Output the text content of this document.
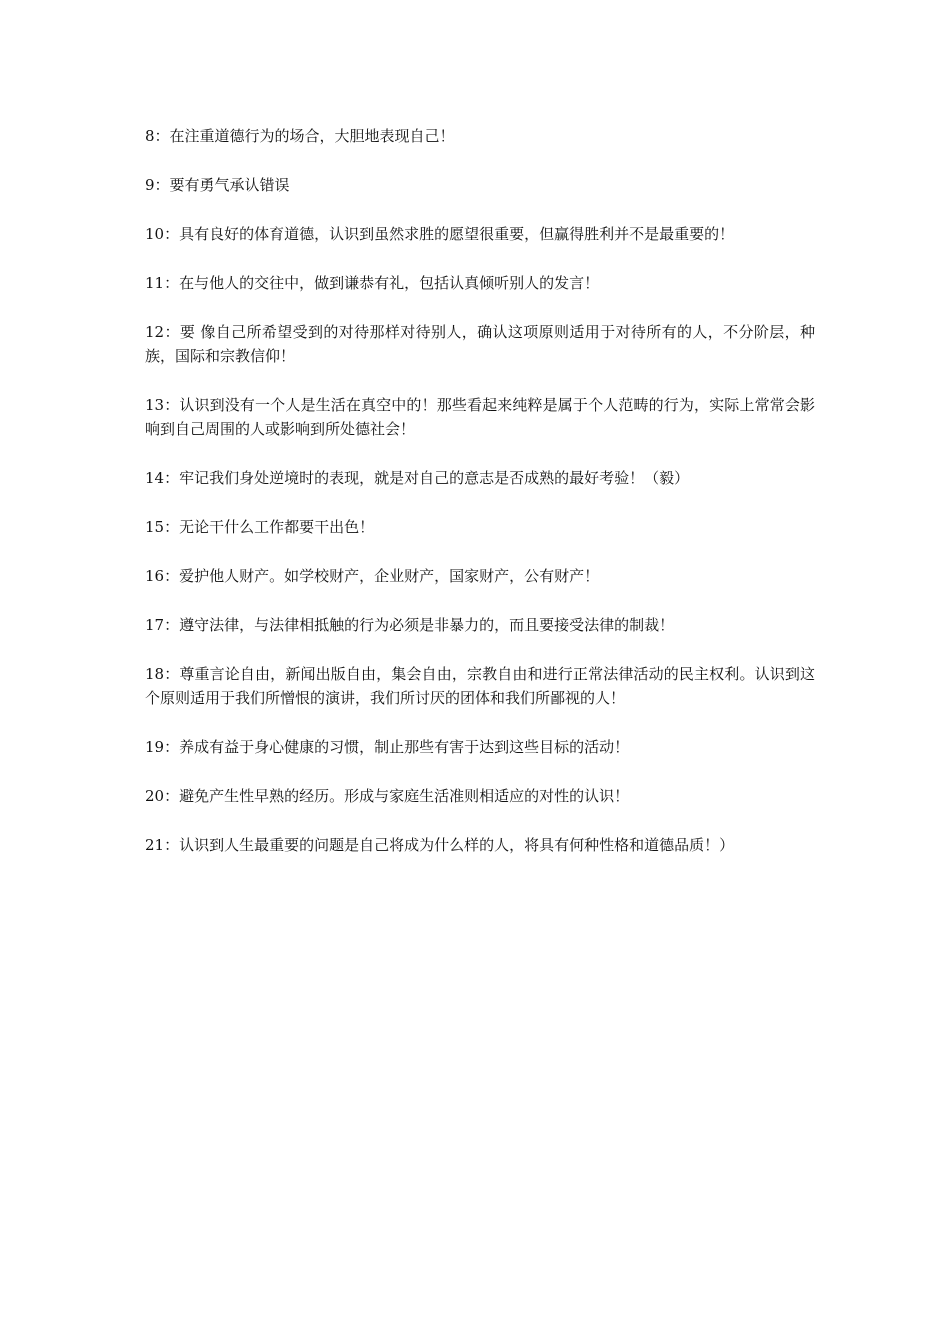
8：在注重道德行为的场合，大胆地表现自己！

9：要有勇气承认错误

10：具有良好的体育道德，认识到虽然求胜的愿望很重要，但赢得胜利并不是最重要的！

11：在与他人的交往中，做到谦恭有礼，包括认真倾听别人的发言！

12：要 像自己所希望受到的对待那样对待别人，确认这项原则适用于对待所有的人，不分阶层，种族，国际和宗教信仰！

13：认识到没有一个人是生活在真空中的！那些看起来纯粹是属于个人范畴的行为，实际上常常会影响到自己周围的人或影响到所处德社会！

14：牢记我们身处逆境时的表现，就是对自己的意志是否成熟的最好考验！（毅）

15：无论干什么工作都要干出色！

16：爱护他人财产。如学校财产，企业财产，国家财产，公有财产！

17：遵守法律，与法律相抵触的行为必须是非暴力的，而且要接受法律的制裁！

18：尊重言论自由，新闻出版自由，集会自由，宗教自由和进行正常法律活动的民主权利。认识到这个原则适用于我们所憎恨的演讲，我们所讨厌的团体和我们所鄙视的人！

19：养成有益于身心健康的习惯，制止那些有害于达到这些目标的活动！

20：避免产生性早熟的经历。形成与家庭生活准则相适应的对性的认识！

21：认识到人生最重要的问题是自己将成为什么样的人，将具有何种性格和道德品质！）
